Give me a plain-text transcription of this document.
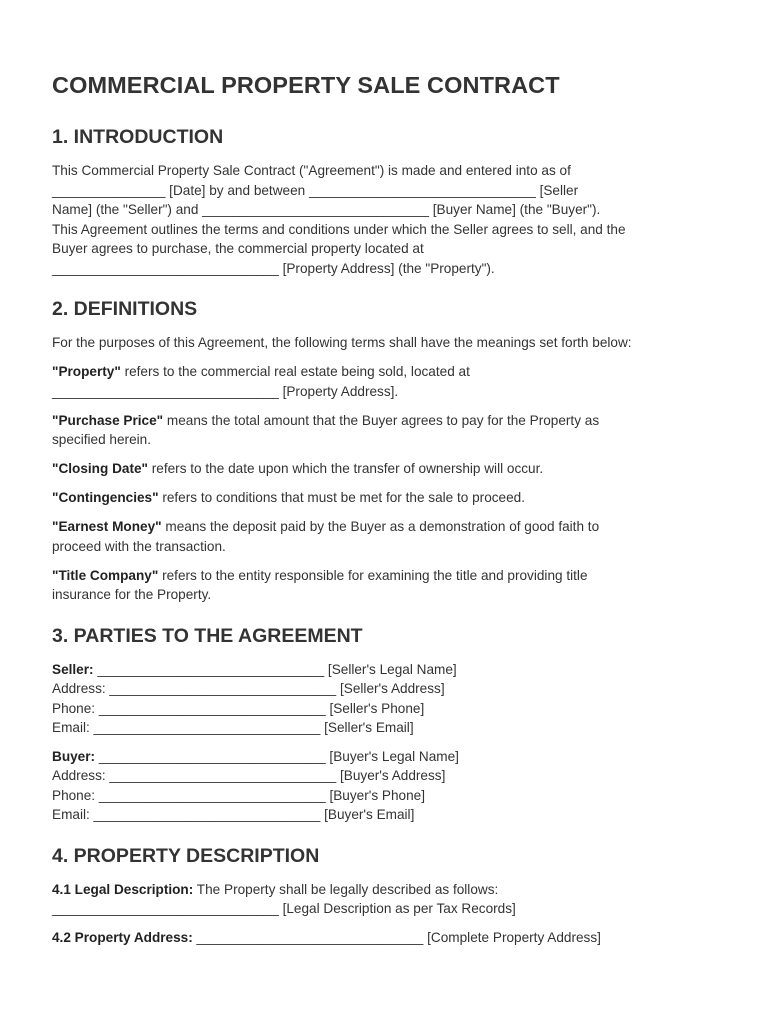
COMMERCIAL PROPERTY SALE CONTRACT
1. INTRODUCTION

This Commercial Property Sale Contract ("Agreement") is made and entered into as of
_______________ [Date] by and between ______________________________ [Seller
Name] (the "Seller") and ______________________________ [Buyer Name] (the "Buyer").
This Agreement outlines the terms and conditions under which the Seller agrees to sell, and the
Buyer agrees to purchase, the commercial property located at
______________________________ [Property Address] (the "Property").

2. DEFINITIONS

For the purposes of this Agreement, the following terms shall have the meanings set forth below:

"Property" refers to the commercial real estate being sold, located at
______________________________ [Property Address].

"Purchase Price" means the total amount that the Buyer agrees to pay for the Property as
specified herein.

"Closing Date" refers to the date upon which the transfer of ownership will occur.

"Contingencies" refers to conditions that must be met for the sale to proceed.

"Earnest Money" means the deposit paid by the Buyer as a demonstration of good faith to
proceed with the transaction.

"Title Company" refers to the entity responsible for examining the title and providing title
insurance for the Property.

3. PARTIES TO THE AGREEMENT

Seller: ______________________________ [Seller's Legal Name]

Address: ______________________________ [Seller's Address]

Phone: ______________________________ [Seller's Phone]

Email: ______________________________ [Seller's Email]

Buyer: ______________________________ [Buyer's Legal Name]

Address: ______________________________ [Buyer's Address]

Phone: ______________________________ [Buyer's Phone]

Email: ______________________________ [Buyer's Email]

4. PROPERTY DESCRIPTION

4.1 Legal Description: The Property shall be legally described as follows:
______________________________ [Legal Description as per Tax Records]

4.2 Property Address: ______________________________ [Complete Property Address]
